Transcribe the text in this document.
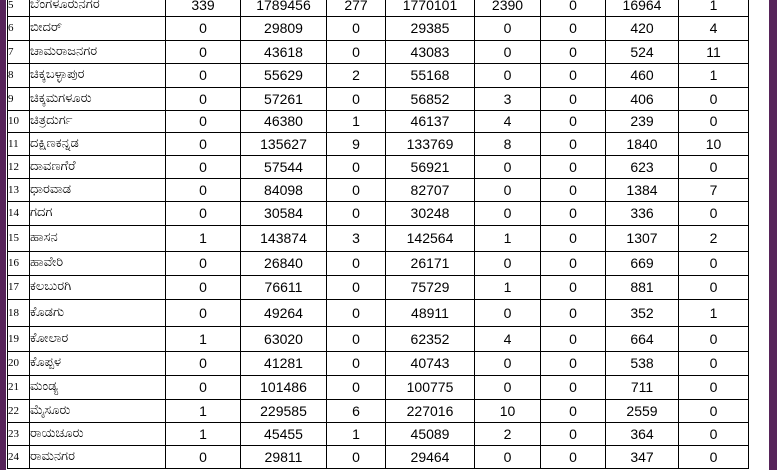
5	ಬೆಂಗಳೂರುನಗರ	339	1789456	277	1770101	2390	0	16964	1
6	ಬೀದರ್	0	29809	0	29385	0	0	420	4
7	ಚಾಮರಾಜನಗರ	0	43618	0	43083	0	0	524	11
8	ಚಿಕ್ಕಬಳ್ಳಾಪುರ	0	55629	2	55168	0	0	460	1
9	ಚಿಕ್ಕಮಗಳೂರು	0	57261	0	56852	3	0	406	0
10	ಚಿತ್ರದುರ್ಗ	0	46380	1	46137	4	0	239	0
11	ದಕ್ಷಿಣಕನ್ನಡ	0	135627	9	133769	8	0	1840	10
12	ದಾವಣಗೆರೆ	0	57544	0	56921	0	0	623	0
13	ಧಾರವಾಡ	0	84098	0	82707	0	0	1384	7
14	ಗದಗ	0	30584	0	30248	0	0	336	0
15	ಹಾಸನ	1	143874	3	142564	1	0	1307	2
16	ಹಾವೇರಿ	0	26840	0	26171	0	0	669	0
17	ಕಲಬುರಗಿ	0	76611	0	75729	1	0	881	0
18	ಕೊಡಗು	0	49264	0	48911	0	0	352	1
19	ಕೋಲಾರ	1	63020	0	62352	4	0	664	0
20	ಕೊಪ್ಪಳ	0	41281	0	40743	0	0	538	0
21	ಮಂಡ್ಯ	0	101486	0	100775	0	0	711	0
22	ಮೈಸೂರು	1	229585	6	227016	10	0	2559	0
23	ರಾಯಚೂರು	1	45455	1	45089	2	0	364	0
24	ರಾಮನಗರ	0	29811	0	29464	0	0	347	0
